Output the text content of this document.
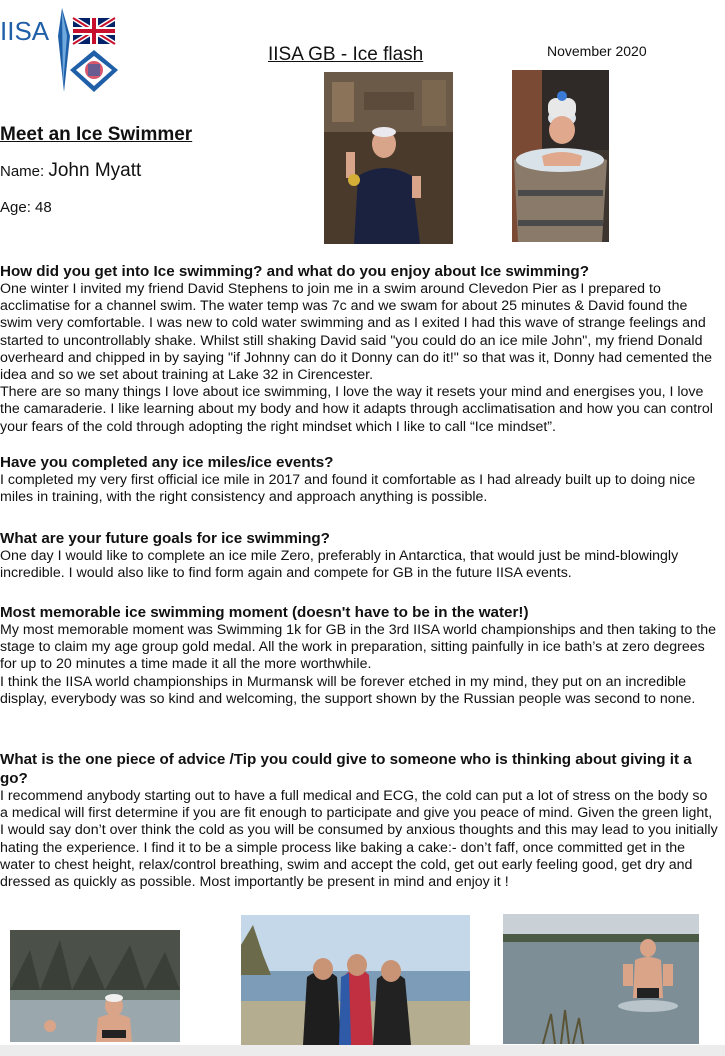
IISA
IISA GB - Ice flash	November 2020
Meet an Ice Swimmer
Name: John Myatt
Age: 48
How did you get into Ice swimming? and what do you enjoy about Ice swimming?

One winter I invited my friend David Stephens to join me in a swim around Clevedon Pier as I prepared to acclimatise for a channel swim. The water temp was 7c and we swam for about 25 minutes & David found the swim very comfortable. I was new to cold water swimming and as I exited I had this wave of strange feelings and started to uncontrollably shake. Whilst still shaking David said "you could do an ice mile John", my friend Donald overheard and chipped in by saying "if Johnny can do it Donny can do it!" so that was it, Donny had cemented the idea and so we set about training at Lake 32 in Cirencester.

There are so many things I love about ice swimming, I love the way it resets your mind and energises you, I love the camaraderie. I like learning about my body and how it adapts through acclimatisation and how you can control your fears of the cold through adopting the right mindset which I like to call “Ice mindset”.

Have you completed any ice miles/ice events?

I completed my very first official ice mile in 2017 and found it comfortable as I had already built up to doing nice miles in training, with the right consistency and approach anything is possible.

What are your future goals for ice swimming?

One day I would like to complete an ice mile Zero, preferably in Antarctica, that would just be mind-blowingly incredible. I would also like to find form again and compete for GB in the future IISA events.

Most memorable ice swimming moment (doesn't have to be in the water!)

My most memorable moment was Swimming 1k for GB in the 3rd IISA world championships and then taking to the stage to claim my age group gold medal. All the work in preparation, sitting painfully in ice bath’s at zero degrees for up to 20 minutes a time made it all the more worthwhile.

I think the IISA world championships in Murmansk will be forever etched in my mind, they put on an incredible display, everybody was so kind and welcoming, the support shown by the Russian people was second to none.

What is the one piece of advice /Tip you could give to someone who is thinking about giving it a go?

I recommend anybody starting out to have a full medical and ECG, the cold can put a lot of stress on the body so a medical will first determine if you are fit enough to participate and give you peace of mind. Given the green light, I would say don’t over think the cold as you will be consumed by anxious thoughts and this may lead to you initially hating the experience. I find it to be a simple process like baking a cake:- don’t faff, once committed get in the water to chest height, relax/control breathing, swim and accept the cold, get out early feeling good, get dry and dressed as quickly as possible. Most importantly be present in mind and enjoy it !
